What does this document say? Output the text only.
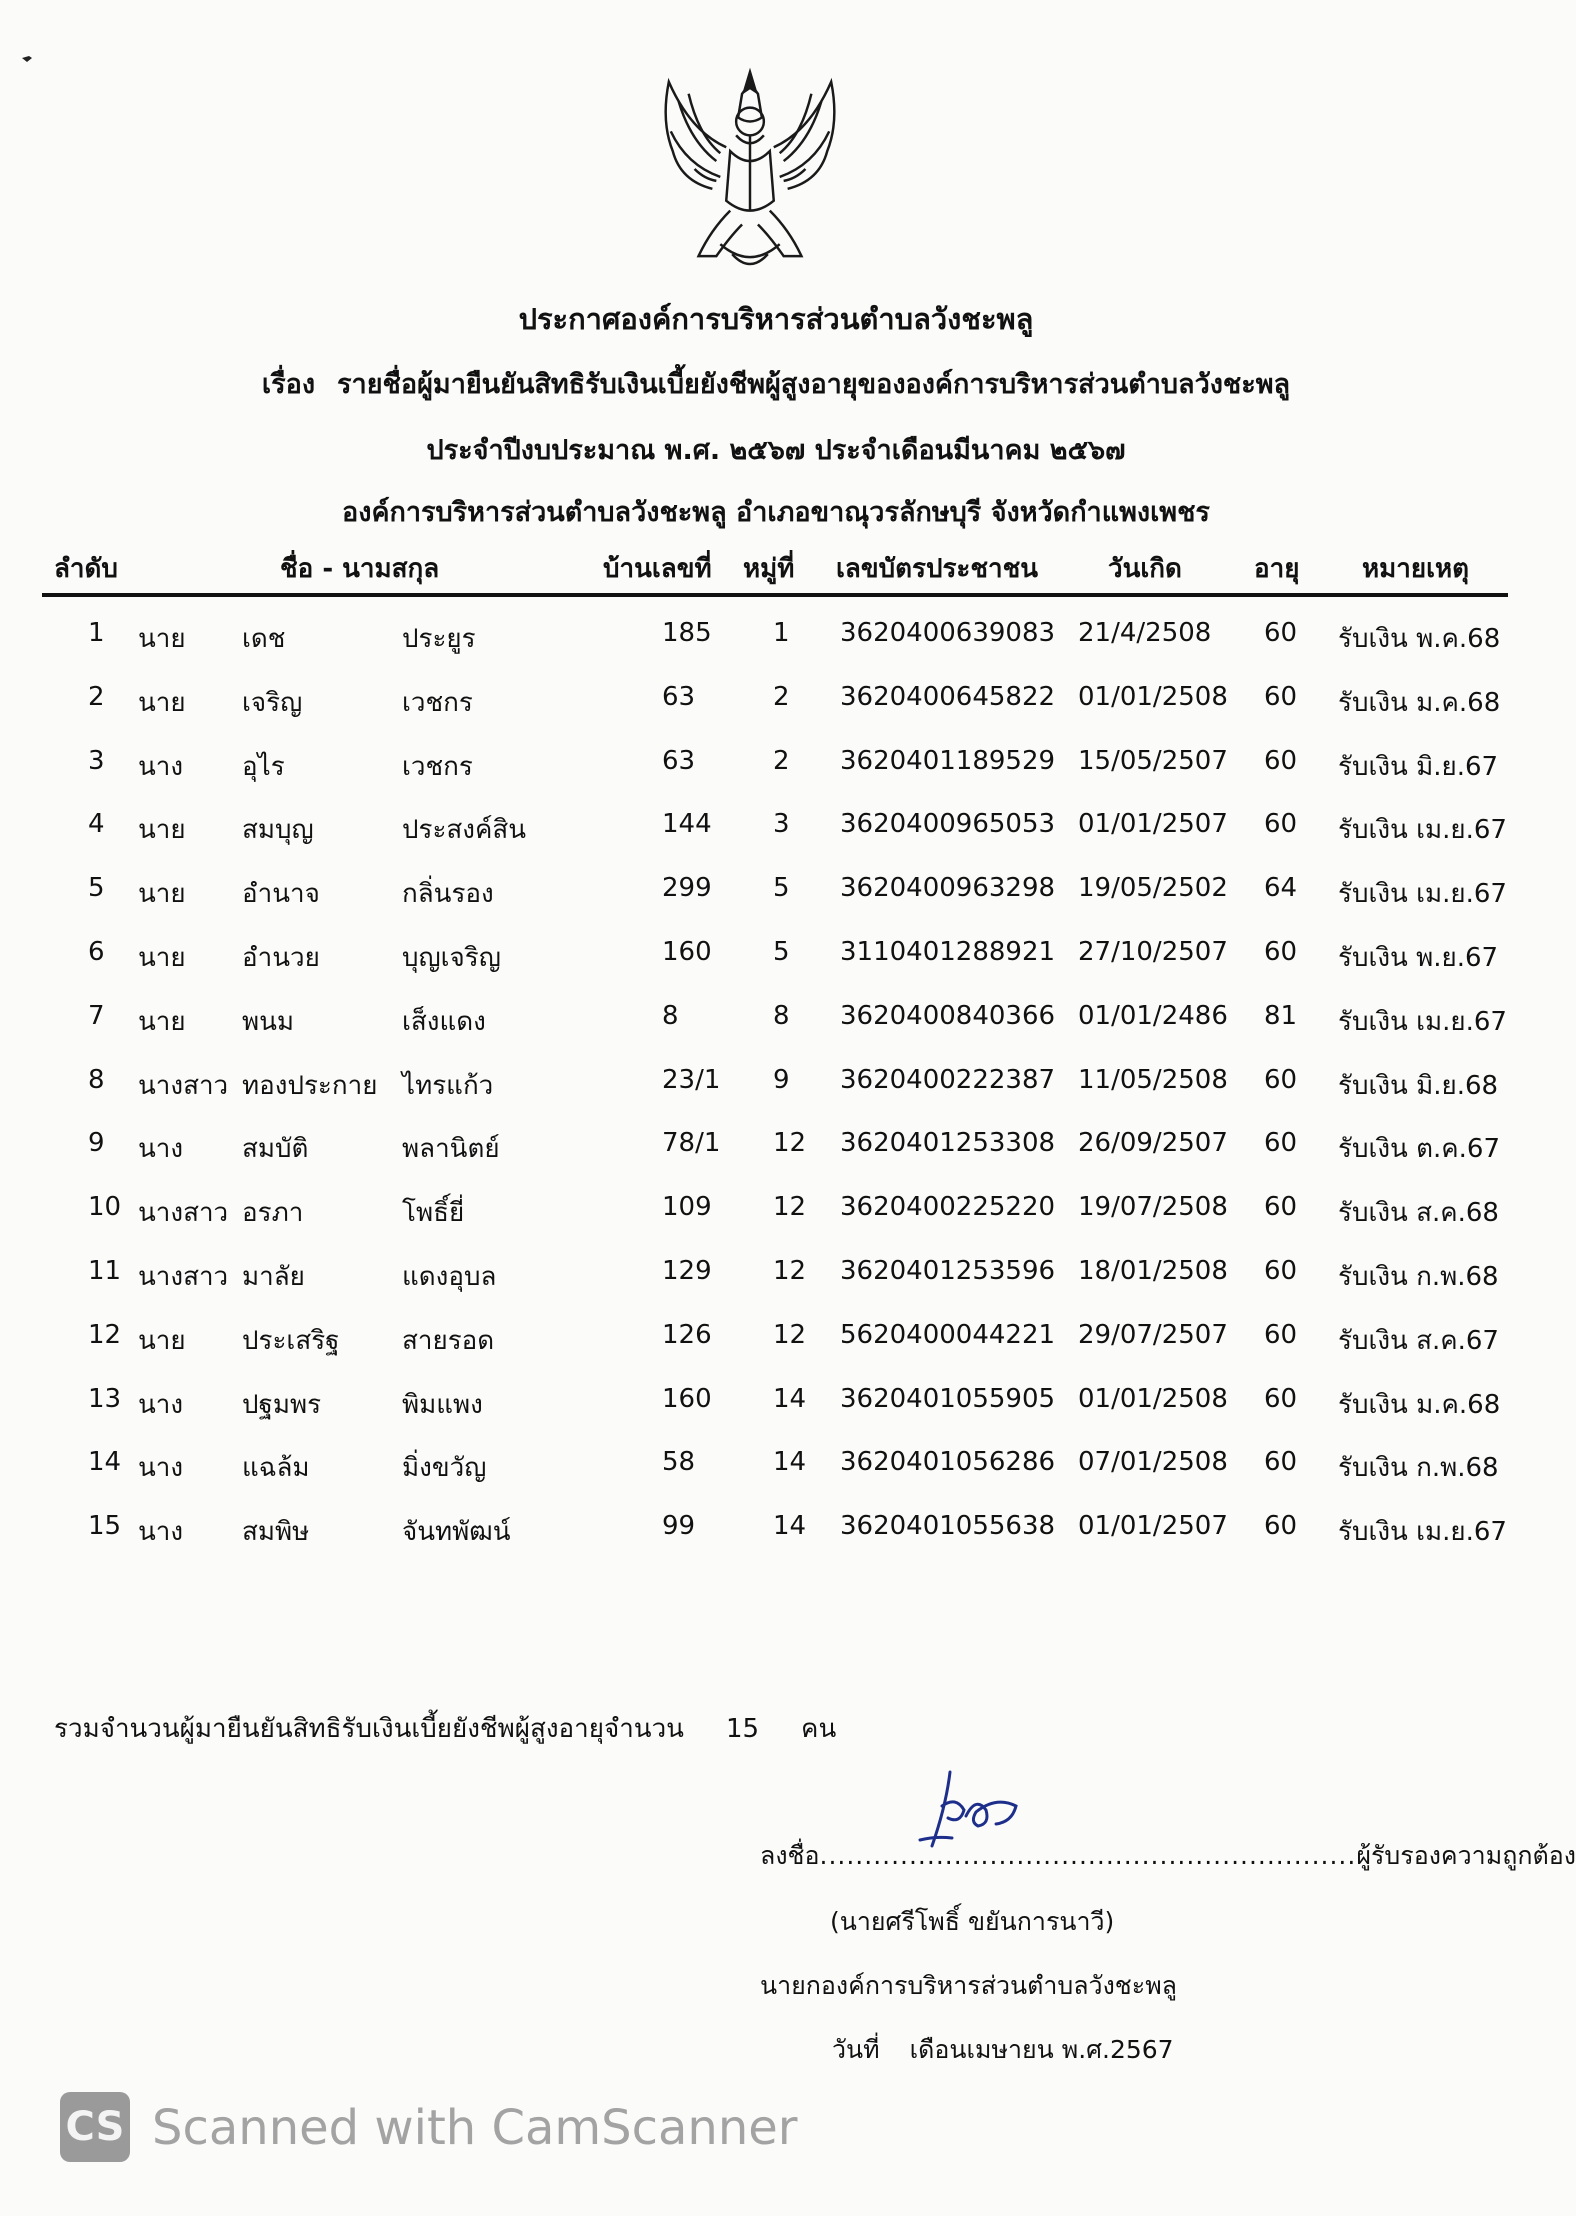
ประกาศองค์การบริหารส่วนตำบลวังชะพลู
เรื่อง รายชื่อผู้มายืนยันสิทธิรับเงินเบี้ยยังชีพผู้สูงอายุขององค์การบริหารส่วนตำบลวังชะพลู
ประจำปีงบประมาณ พ.ศ. ๒๕๖๗ ประจำเดือนมีนาคม ๒๕๖๗
องค์การบริหารส่วนตำบลวังชะพลู อำเภอขาณุวรลักษบุรี จังหวัดกำแพงเพชร
ลำดับ	ชื่อ - นามสกุล	บ้านเลขที่ หมู่ที่ เลขบัตรประชาชน	วันเกิด	อายุ หมายเหตุ
1 นาย เดช	ประยูร	185 1 3620400639083 21/4/2508 60 รับเงิน พ.ค.68
2 นาย เจริญ	เวชกร	63	2 3620400645822 01/01/2508 60 รับเงิน ม.ค.68
3 นาง อุไร	เวชกร	63	2 3620401189529 15/05/2507 60 รับเงิน มิ.ย.67
4 นาย สมบุญ	ประสงค์สิน	144 3 3620400965053 01/01/2507 60 รับเงิน เม.ย.67
5 นาย อำนาจ	กลิ่นรอง	299 5 3620400963298 19/05/2502 64 รับเงิน เม.ย.67
6 นาย อำนวย	บุญเจริญ	160 5 3110401288921 27/10/2507 60 รับเงิน พ.ย.67
7 นาย พนม	เส็งแดง	8	8 3620400840366 01/01/2486 81 รับเงิน เม.ย.67
8 นางสาว ทองประกาย ไทรแก้ว	23/1 9 3620400222387 11/05/2508 60 รับเงิน มิ.ย.68
9 นาง สมบัติ	พลานิตย์	78/1 12 3620401253308 26/09/2507 60 รับเงิน ต.ค.67
10 นางสาว อรภา	โพธิ์ยี่	109 12 3620400225220 19/07/2508 60 รับเงิน ส.ค.68
11 นางสาว มาลัย	แดงอุบล	129 12 3620401253596 18/01/2508 60 รับเงิน ก.พ.68
12 นาย ประเสริฐ สายรอด	126 12 5620400044221 29/07/2507 60 รับเงิน ส.ค.67
13 นาง ปฐมพร	พิมแพง	160 14 3620401055905 01/01/2508 60 รับเงิน ม.ค.68
14 นาง แฉล้ม	มิ่งขวัญ	58	14 3620401056286 07/01/2508 60 รับเงิน ก.พ.68
15 นาง สมพิษ	จันทพัฒน์	99	14 3620401055638 01/01/2507 60 รับเงิน เม.ย.67
รวมจำนวนผู้มายืนยันสิทธิรับเงินเบี้ยยังชีพผู้สูงอายุจำนวน 15 คน
ลงชื่อ............................................................ผู้รับรองความถูกต้อง
(นายศรีโพธิ์ ขยันการนาวี)
นายกองค์การบริหารส่วนตำบลวังชะพลู
วันที่ เดือนเมษายน พ.ศ.2567
CS Scanned with CamScanner
